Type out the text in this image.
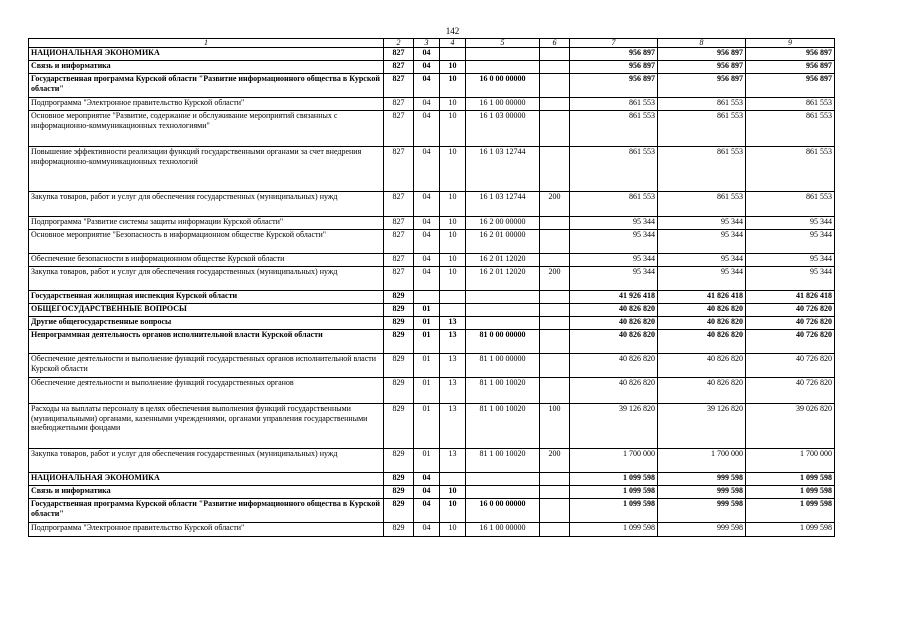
142
1	2	3	4	5	6	7	8	9
НАЦИОНАЛЬНАЯ ЭКОНОМИКА	827	04				956 897	956 897	956 897
Связь и информатика	827	04	10			956 897	956 897	956 897
Государственная программа Курской области "Развитие информационного общества в Курской области"	827	04	10	16 0 00 00000		956 897	956 897	956 897
Подпрограмма "Электронное правительство Курской области"	827	04	10	16 1 00 00000		861 553	861 553	861 553
Основное мероприятие "Развитие, содержание и обслуживание мероприятий связанных с информационно-коммуникационных технологиями"	827	04	10	16 1 03 00000		861 553	861 553	861 553
Повышение эффективности реализации функций государственными органами за счет внедрения информационно-коммуникационных технологий	827	04	10	16 1 03 12744		861 553	861 553	861 553
Закупка товаров, работ и услуг для обеспечения государственных (муниципальных) нужд	827	04	10	16 1 03 12744	200	861 553	861 553	861 553
Подпрограмма "Развитие системы защиты информации Курской области"	827	04	10	16 2 00 00000		95 344	95 344	95 344
Основное мероприятие "Безопасность в информационном обществе Курской области"	827	04	10	16 2 01 00000		95 344	95 344	95 344
Обеспечение безопасности в информационном обществе Курской области	827	04	10	16 2 01 12020		95 344	95 344	95 344
Закупка товаров, работ и услуг для обеспечения государственных (муниципальных) нужд	827	04	10	16 2 01 12020	200	95 344	95 344	95 344
Государственная жилищная инспекция Курской области	829					41 926 418	41 826 418	41 826 418
ОБЩЕГОСУДАРСТВЕННЫЕ ВОПРОСЫ	829	01				40 826 820	40 826 820	40 726 820
Другие общегосударственные вопросы	829	01	13			40 826 820	40 826 820	40 726 820
Непрограммная деятельность органов исполнительной власти Курской области	829	01	13	81 0 00 00000		40 826 820	40 826 820	40 726 820
Обеспечение деятельности и выполнение функций государственных органов исполнительной власти Курской области	829	01	13	81 1 00 00000		40 826 820	40 826 820	40 726 820
Обеспечение деятельности и выполнение функций государственных органов	829	01	13	81 1 00 10020		40 826 820	40 826 820	40 726 820
Расходы на выплаты персоналу в целях обеспечения выполнения функций государственными (муниципальными) органами, казенными учреждениями, органами управления государственными внебюджетными фондами	829	01	13	81 1 00 10020	100	39 126 820	39 126 820	39 026 820
Закупка товаров, работ и услуг для обеспечения государственных (муниципальных) нужд	829	01	13	81 1 00 10020	200	1 700 000	1 700 000	1 700 000
НАЦИОНАЛЬНАЯ ЭКОНОМИКА	829	04				1 099 598	999 598	1 099 598
Связь и информатика	829	04	10			1 099 598	999 598	1 099 598
Государственная программа Курской области "Развитие информационного общества в Курской области"	829	04	10	16 0 00 00000		1 099 598	999 598	1 099 598
Подпрограмма "Электронное правительство Курской области"	829	04	10	16 1 00 00000		1 099 598	999 598	1 099 598
